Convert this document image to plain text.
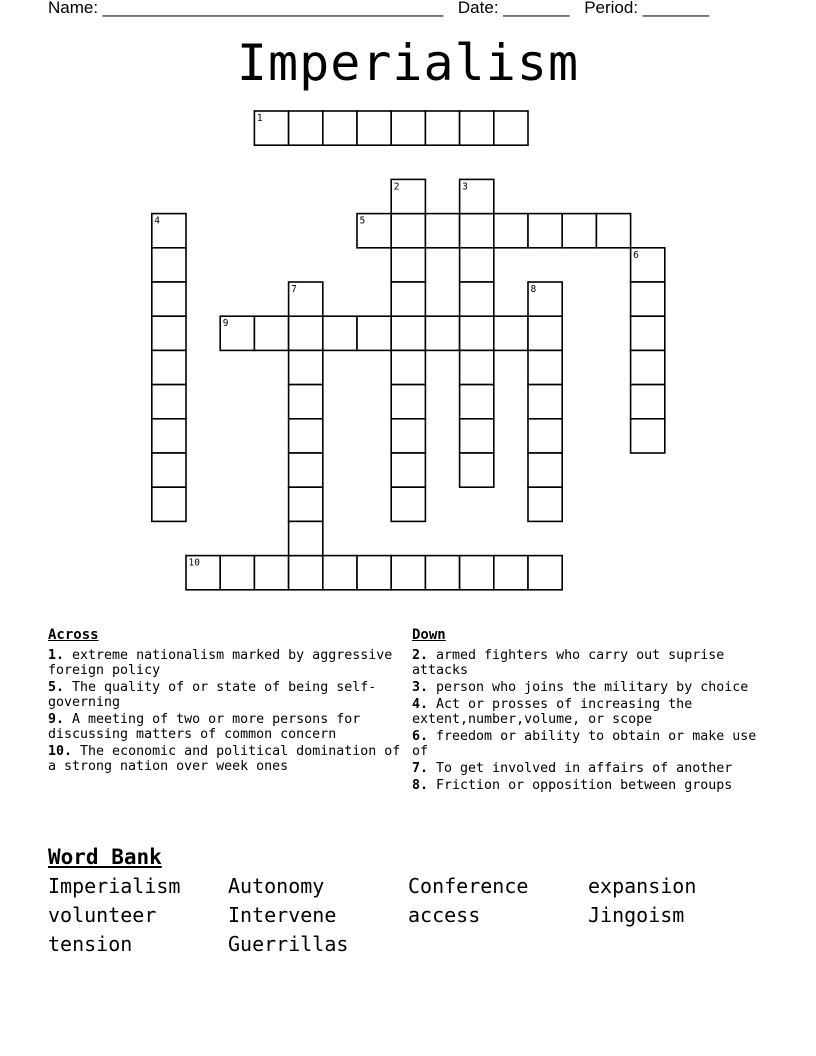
Name: ____________________________________ Date: _______ Period: _______
Imperialism
1
5
9
10
2	3
4
6
7	8
Across
1. extreme nationalism marked by aggressive foreign policy
5. The quality of or state of being self-governing
9. A meeting of two or more persons for discussing matters of common concern
10. The economic and political domination of a strong nation over week ones
Down
2. armed fighters who carry out suprise attacks
3. person who joins the military by choice
4. Act or prosses of increasing the extent,number,volume, or scope
6. freedom or ability to obtain or make use of
7. To get involved in affairs of another
8. Friction or opposition between groups
Word Bank
Imperialism	Autonomy	Conference	expansion
volunteer	Intervene	access	Jingoism
tension	Guerrillas
